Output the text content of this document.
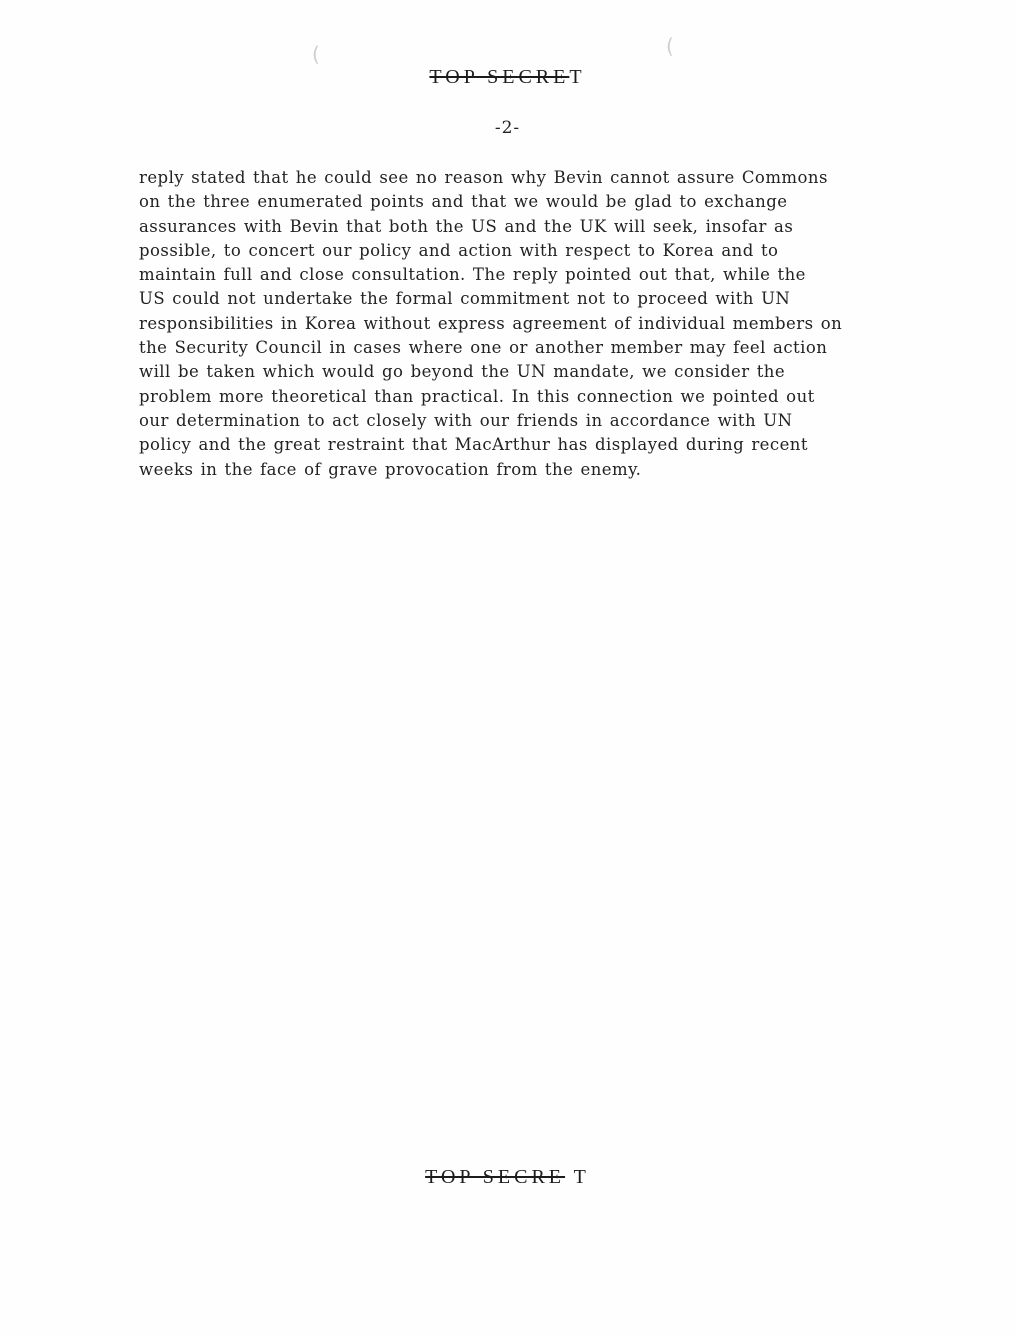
(	(
TOP SECRET
-2-
reply stated that he could see no reason why Bevin cannot assure Commons
on the three enumerated points and that we would be glad to exchange
assurances with Bevin that both the US and the UK will seek, insofar as
possible, to concert our policy and action with respect to Korea and to
maintain full and close consultation. The reply pointed out that, while the
US could not undertake the formal commitment not to proceed with UN
responsibilities in Korea without express agreement of individual members on
the Security Council in cases where one or another member may feel action
will be taken which would go beyond the UN mandate, we consider the
problem more theoretical than practical. In this connection we pointed out
our determination to act closely with our friends in accordance with UN
policy and the great restraint that MacArthur has displayed during recent
weeks in the face of grave provocation from the enemy.
TOP SECRE T
